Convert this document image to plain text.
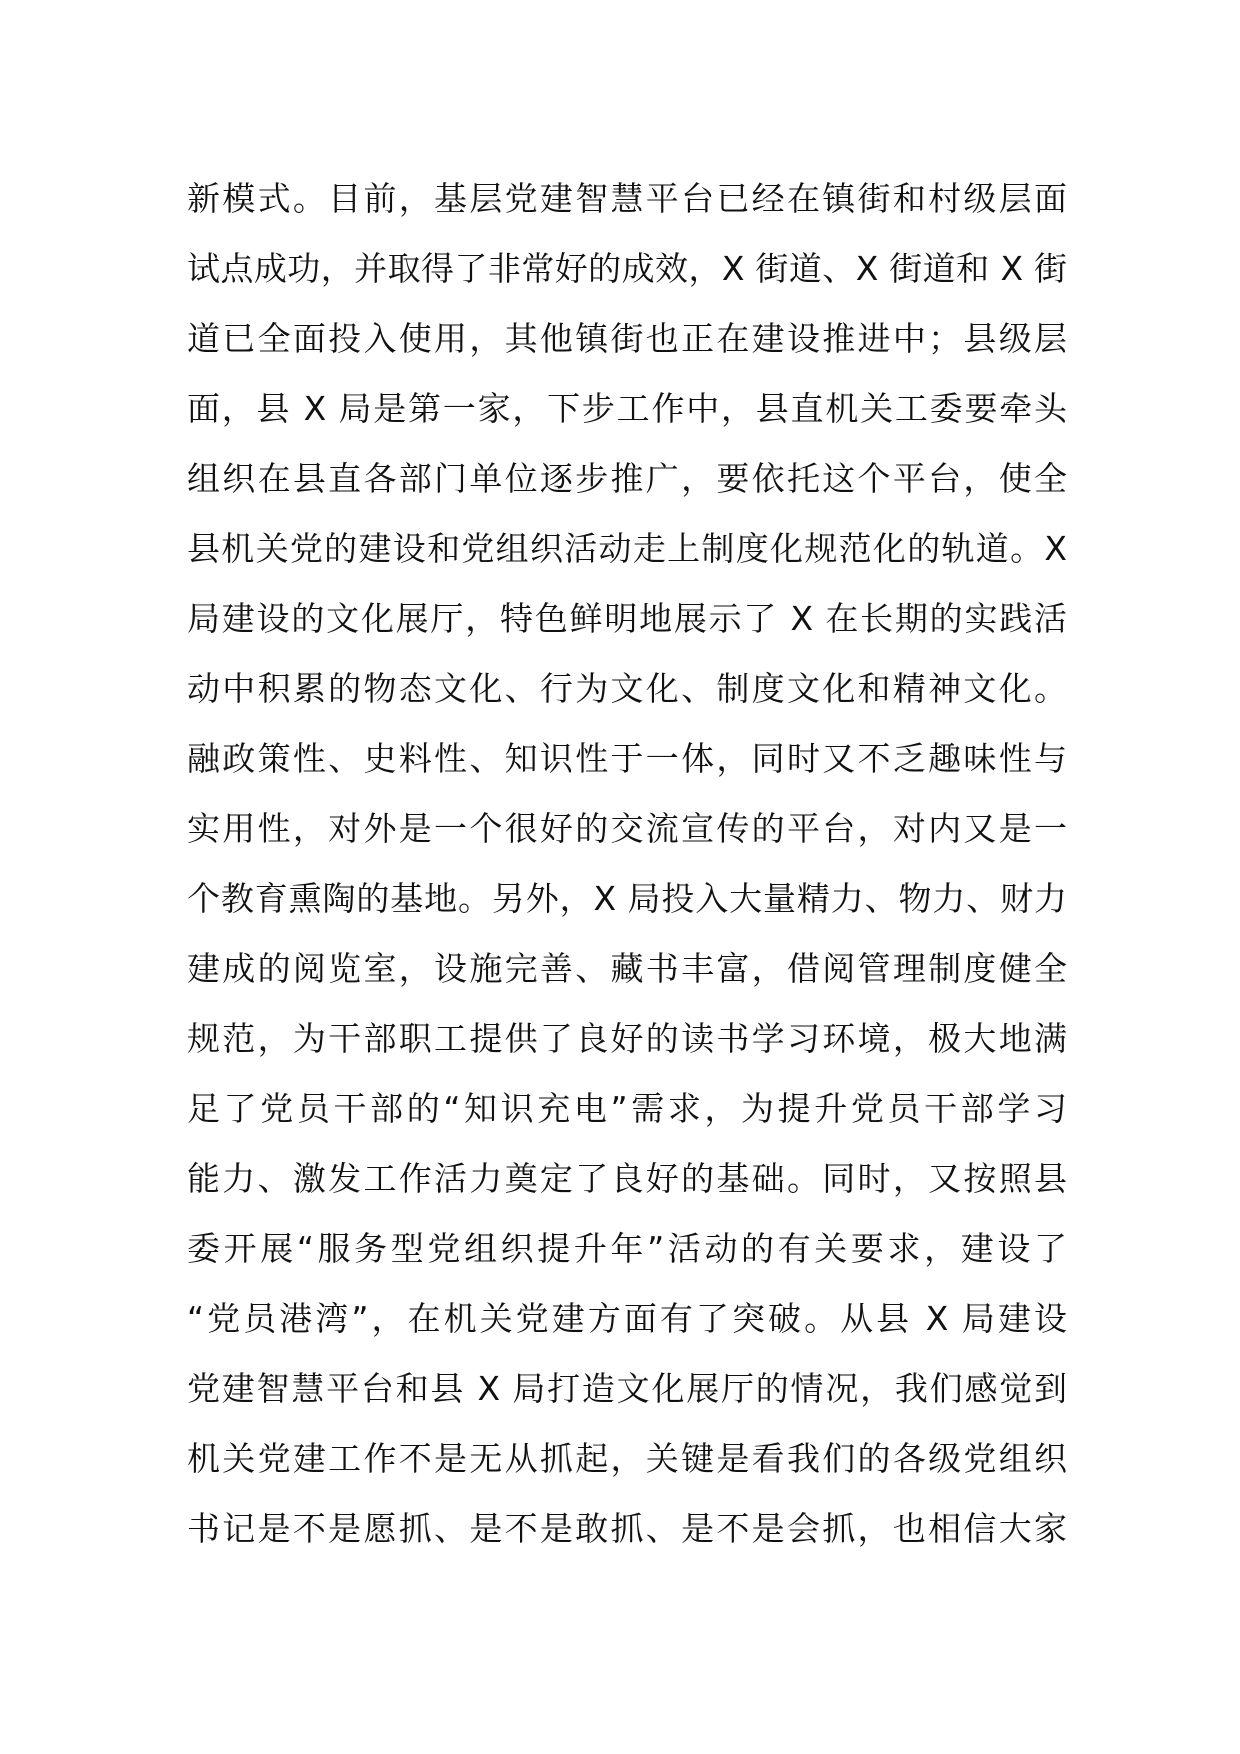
新模式。目前，基层党建智慧平台已经在镇街和村级层面
试点成功，并取得了非常好的成效，X 街道、X 街道和 X 街
道已全面投入使用，其他镇街也正在建设推进中；县级层
面，县 X 局是第一家，下步工作中，县直机关工委要牵头
组织在县直各部门单位逐步推广，要依托这个平台，使全
县机关党的建设和党组织活动走上制度化规范化的轨道。X
局建设的文化展厅，特色鲜明地展示了 X 在长期的实践活
动中积累的物态文化、行为文化、制度文化和精神文化。
融政策性、史料性、知识性于一体，同时又不乏趣味性与
实用性，对外是一个很好的交流宣传的平台，对内又是一
个教育熏陶的基地。另外，X 局投入大量精力、物力、财力
建成的阅览室，设施完善、藏书丰富，借阅管理制度健全
规范，为干部职工提供了良好的读书学习环境，极大地满
足了党员干部的“知识充电”需求，为提升党员干部学习
能力、激发工作活力奠定了良好的基础。同时，又按照县
委开展“服务型党组织提升年”活动的有关要求，建设了
“党员港湾”，在机关党建方面有了突破。从县 X 局建设
党建智慧平台和县 X 局打造文化展厅的情况，我们感觉到
机关党建工作不是无从抓起，关键是看我们的各级党组织
书记是不是愿抓、是不是敢抓、是不是会抓，也相信大家
